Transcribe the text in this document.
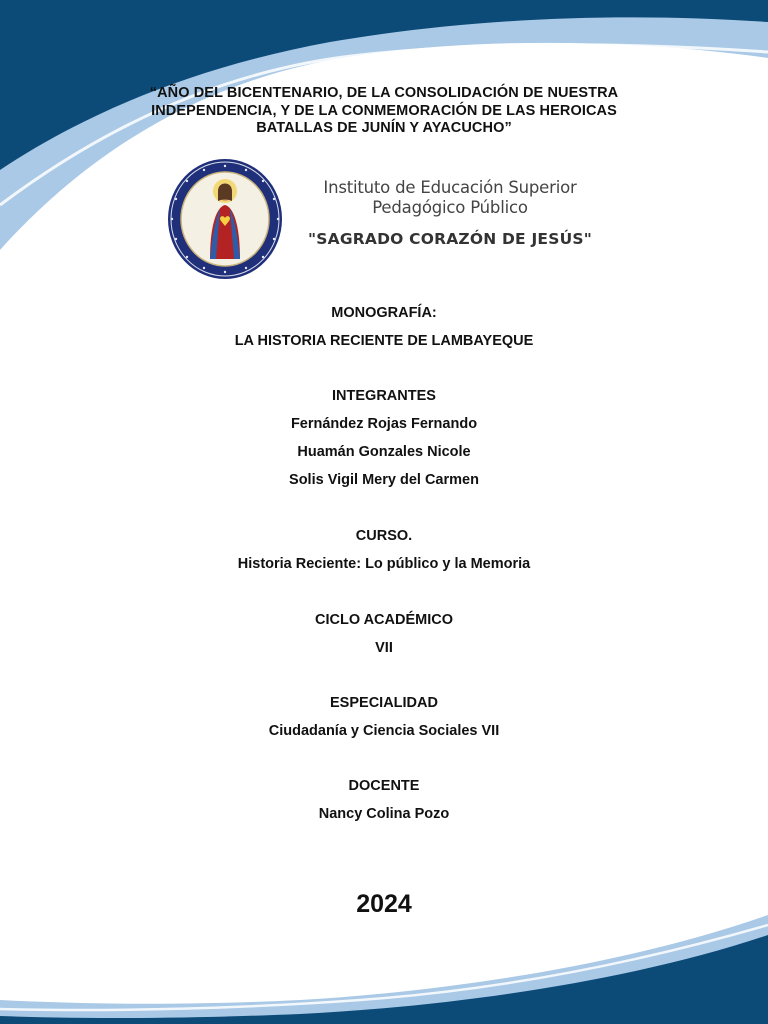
“AÑO DEL BICENTENARIO, DE LA CONSOLIDACIÓN DE NUESTRA
INDEPENDENCIA, Y DE LA CONMEMORACIÓN DE LAS HEROICAS
BATALLAS DE JUNÍN Y AYACUCHO”
Instituto de Educación Superior
Pedagógico Público
"SAGRADO CORAZÓN DE JESÚS"
MONOGRAFÍA:
LA HISTORIA RECIENTE DE LAMBAYEQUE
INTEGRANTES
Fernández Rojas Fernando
Huamán Gonzales Nicole
Solis Vigil Mery del Carmen
CURSO.
Historia Reciente: Lo público y la Memoria
CICLO ACADÉMICO
VII
ESPECIALIDAD
Ciudadanía y Ciencia Sociales VII
DOCENTE
Nancy Colina Pozo
2024
